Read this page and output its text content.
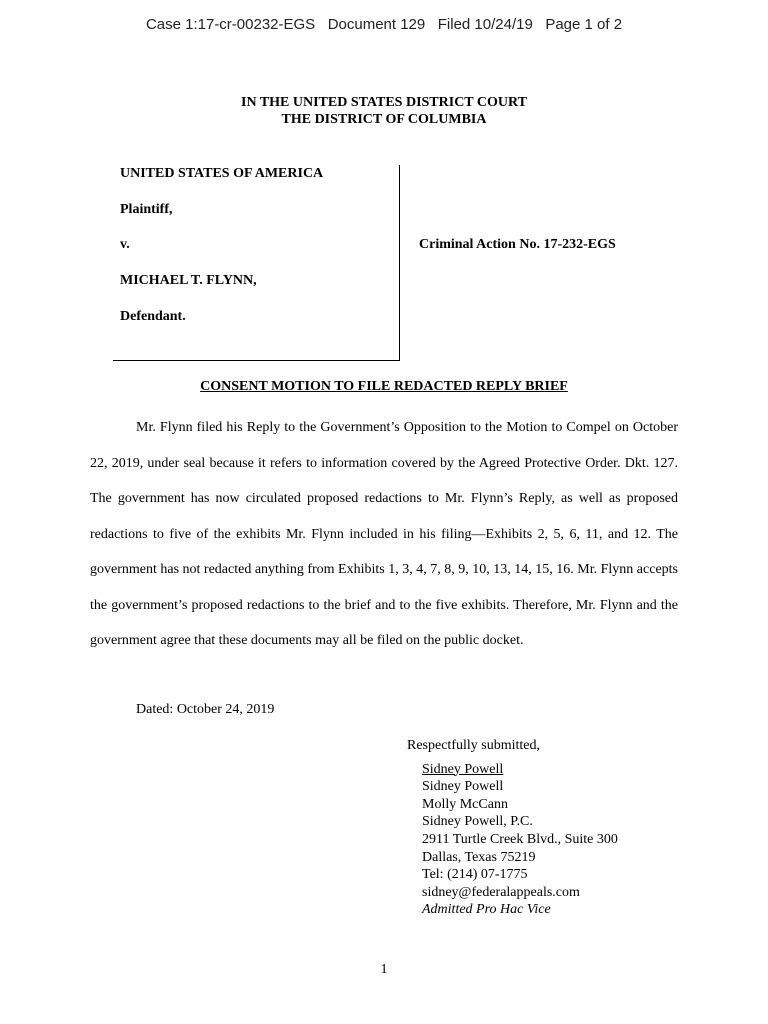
Case 1:17-cr-00232-EGS   Document 129   Filed 10/24/19   Page 1 of 2
IN THE UNITED STATES DISTRICT COURT
THE DISTRICT OF COLUMBIA
UNITED STATES OF AMERICA
Plaintiff,
v.
MICHAEL T. FLYNN,
Defendant.
Criminal Action No. 17-232-EGS
CONSENT MOTION TO FILE REDACTED REPLY BRIEF

Mr. Flynn filed his Reply to the Government’s Opposition to the Motion to Compel on October 22, 2019, under seal because it refers to information covered by the Agreed Protective Order. Dkt. 127. The government has now circulated proposed redactions to Mr. Flynn’s Reply, as well as proposed redactions to five of the exhibits Mr. Flynn included in his filing—Exhibits 2, 5, 6, 11, and 12. The government has not redacted anything from Exhibits 1, 3, 4, 7, 8, 9, 10, 13, 14, 15, 16. Mr. Flynn accepts the government’s proposed redactions to the brief and to the five exhibits. Therefore, Mr. Flynn and the government agree that these documents may all be filed on the public docket.

Dated: October 24, 2019
Respectfully submitted,
Sidney Powell
Sidney Powell
Molly McCann
Sidney Powell, P.C.
2911 Turtle Creek Blvd., Suite 300
Dallas, Texas 75219
Tel: (214) 07-1775
sidney@federalappeals.com
Admitted Pro Hac Vice
1
